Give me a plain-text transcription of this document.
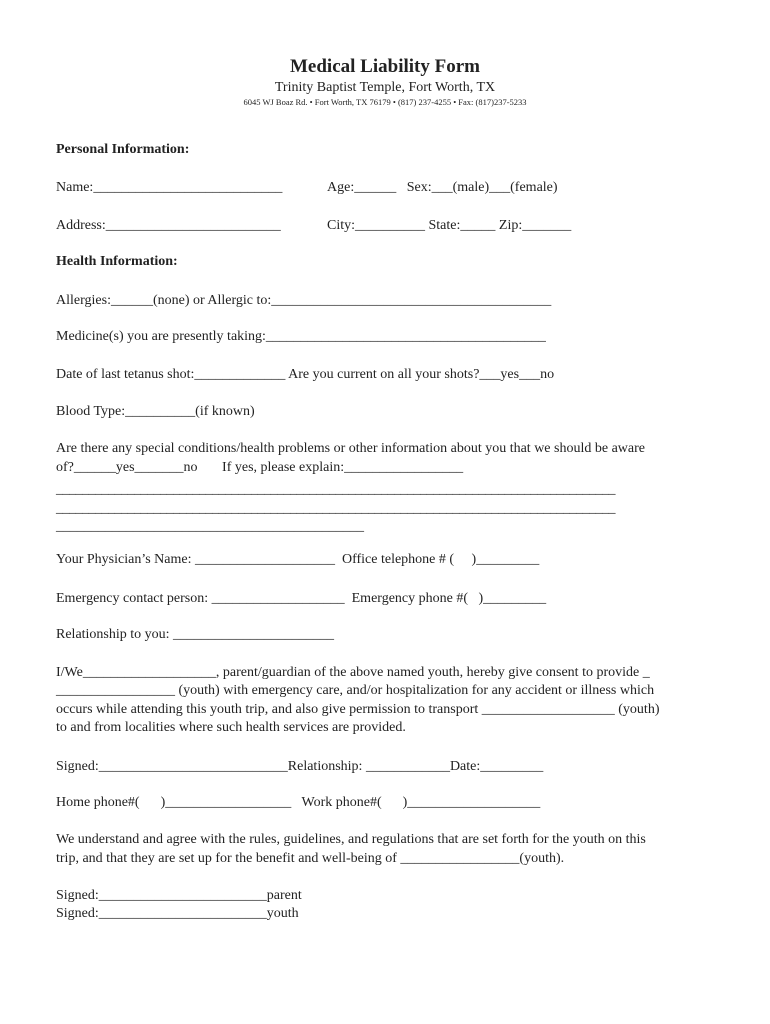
Medical Liability Form
Trinity Baptist Temple, Fort Worth, TX
6045 WJ Boaz Rd. • Fort Worth, TX 76179 • (817) 237-4255 • Fax: (817)237-5233
Personal Information:
Name:___________________________	Age:______   Sex:___(male)___(female)
Address:_________________________	City:__________ State:_____ Zip:_______
Health Information:
Allergies:______(none) or Allergic to:________________________________________
Medicine(s) you are presently taking:________________________________________
Date of last tetanus shot:_____________ Are you current on all your shots?___yes___no
Blood Type:__________(if known)
Are there any special conditions/health problems or other information about you that we should be aware
of?______yes_______no       If yes, please explain:_________________
______________________________________________________________________________________
______________________________________________________________________________________
____________________________________________
Your Physician’s Name: ____________________  Office telephone # (     )_________
Emergency contact person: ___________________  Emergency phone #(   )_________
Relationship to you: _______________________
I/We___________________, parent/guardian of the above named youth, hereby give consent to provide _
_________________ (youth) with emergency care, and/or hospitalization for any accident or illness which
occurs while attending this youth trip, and also give permission to transport ___________________ (youth)
to and from localities where such health services are provided.
Signed:___________________________Relationship: ____________Date:_________
Home phone#(      )__________________   Work phone#(      )___________________
We understand and agree with the rules, guidelines, and regulations that are set forth for the youth on this
trip, and that they are set up for the benefit and well-being of _________________(youth).
Signed:________________________parent
Signed:________________________youth
